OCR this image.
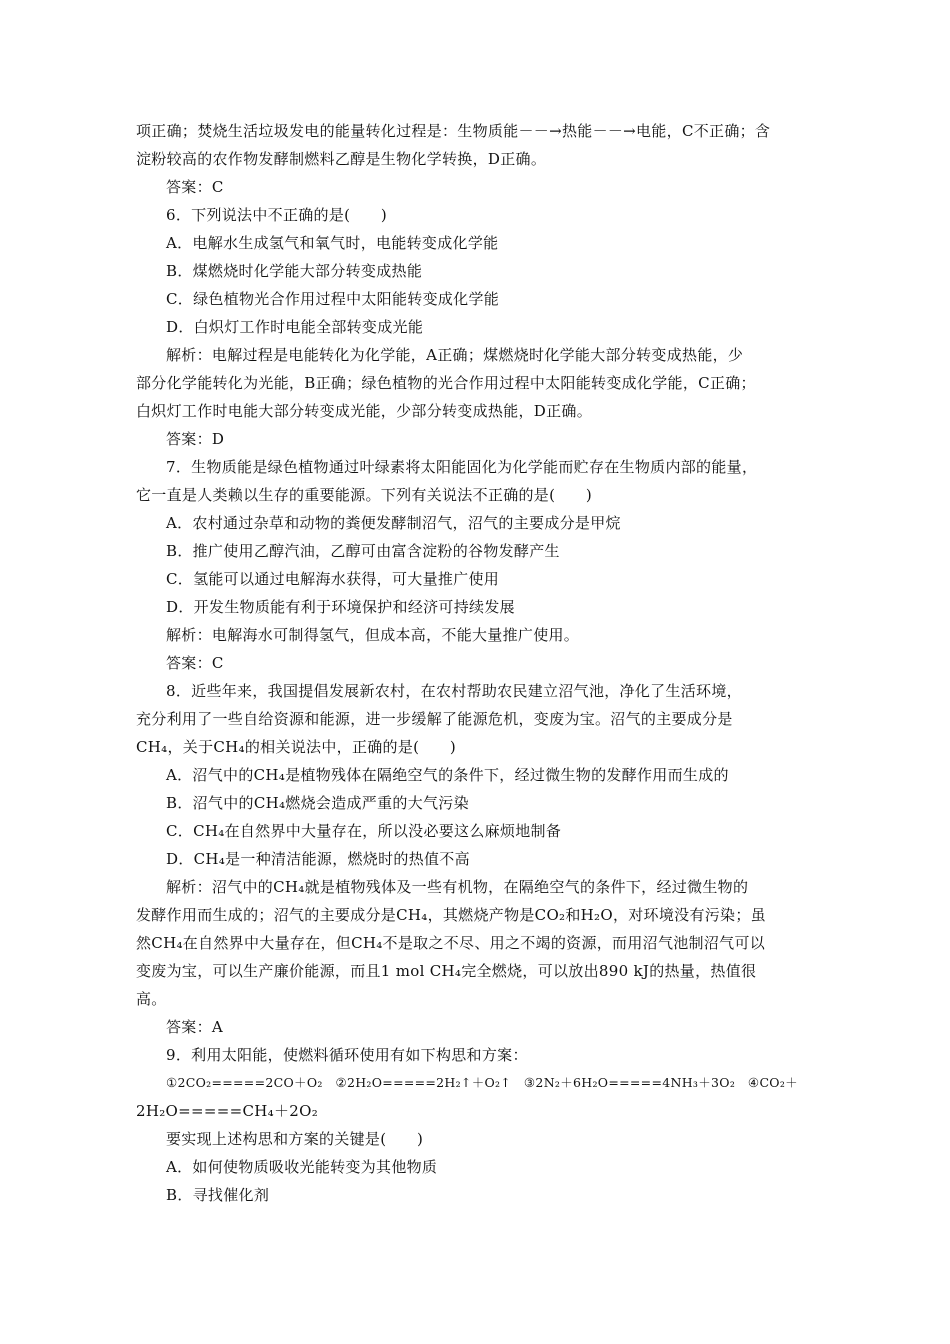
项正确；焚烧生活垃圾发电的能量转化过程是：生物质能－－→热能－－→电能，C不正确；含
淀粉较高的农作物发酵制燃料乙醇是生物化学转换，D正确。
答案：C
6．下列说法中不正确的是(　　)
A．电解水生成氢气和氧气时，电能转变成化学能
B．煤燃烧时化学能大部分转变成热能
C．绿色植物光合作用过程中太阳能转变成化学能
D．白炽灯工作时电能全部转变成光能
解析：电解过程是电能转化为化学能，A正确；煤燃烧时化学能大部分转变成热能，少
部分化学能转化为光能，B正确；绿色植物的光合作用过程中太阳能转变成化学能，C正确；
白炽灯工作时电能大部分转变成光能，少部分转变成热能，D正确。
答案：D
7．生物质能是绿色植物通过叶绿素将太阳能固化为化学能而贮存在生物质内部的能量，
它一直是人类赖以生存的重要能源。下列有关说法不正确的是(　　)
A．农村通过杂草和动物的粪便发酵制沼气，沼气的主要成分是甲烷
B．推广使用乙醇汽油，乙醇可由富含淀粉的谷物发酵产生
C．氢能可以通过电解海水获得，可大量推广使用
D．开发生物质能有利于环境保护和经济可持续发展
解析：电解海水可制得氢气，但成本高，不能大量推广使用。
答案：C
8．近些年来，我国提倡发展新农村，在农村帮助农民建立沼气池，净化了生活环境，
充分利用了一些自给资源和能源，进一步缓解了能源危机，变废为宝。沼气的主要成分是
CH₄，关于CH₄的相关说法中，正确的是(　　)
A．沼气中的CH₄是植物残体在隔绝空气的条件下，经过微生物的发酵作用而生成的
B．沼气中的CH₄燃烧会造成严重的大气污染
C．CH₄在自然界中大量存在，所以没必要这么麻烦地制备
D．CH₄是一种清洁能源，燃烧时的热值不高
解析：沼气中的CH₄就是植物残体及一些有机物，在隔绝空气的条件下，经过微生物的
发酵作用而生成的；沼气的主要成分是CH₄，其燃烧产物是CO₂和H₂O，对环境没有污染；虽
然CH₄在自然界中大量存在，但CH₄不是取之不尽、用之不竭的资源，而用沼气池制沼气可以
变废为宝，可以生产廉价能源，而且1 mol CH₄完全燃烧，可以放出890 kJ的热量，热值很
高。
答案：A
9．利用太阳能，使燃料循环使用有如下构思和方案：
①2CO₂=====2CO＋O₂　②2H₂O=====2H₂↑＋O₂↑　③2N₂＋6H₂O=====4NH₃＋3O₂　④CO₂＋
2H₂O=====CH₄＋2O₂
要实现上述构思和方案的关键是(　　)
A．如何使物质吸收光能转变为其他物质
B．寻找催化剂
